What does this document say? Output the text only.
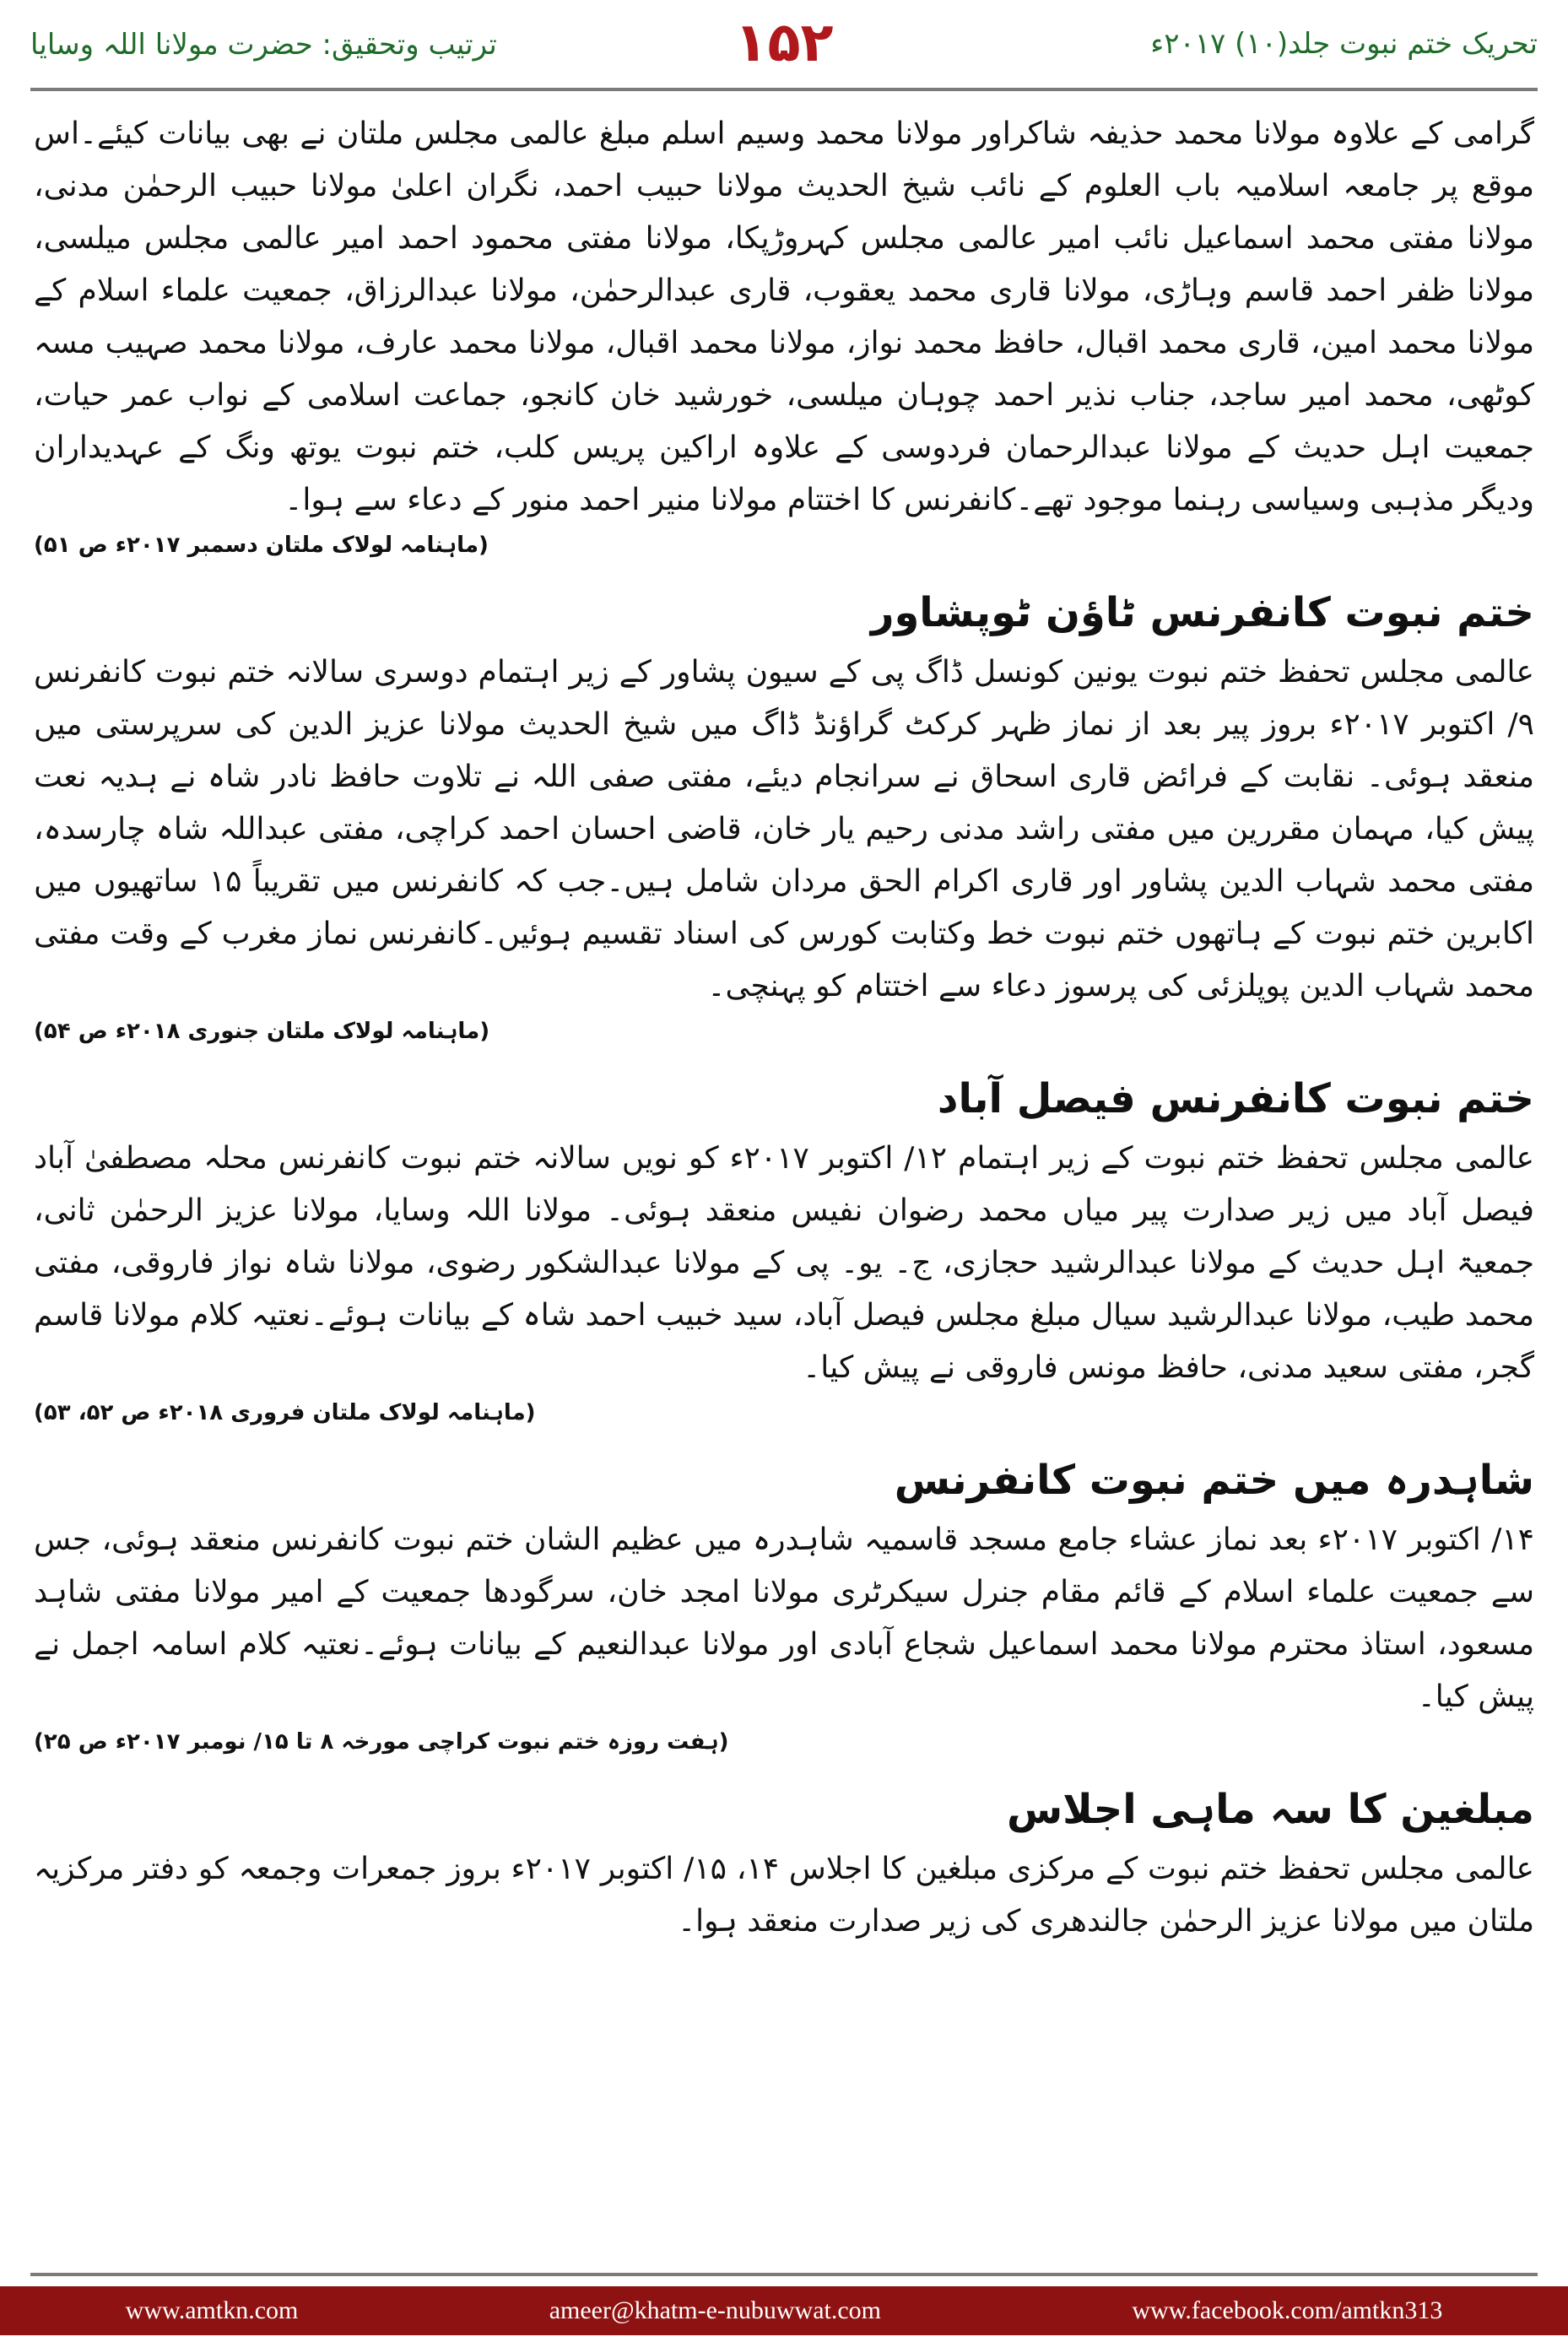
ترتیب وتحقیق: حضرت مولانا اللہ وسایا	۱۵۲	تحریک ختم نبوت جلد(۱۰) ۲۰۱۷ء

گرامی کے علاوہ مولانا محمد حذیفہ شاکراور مولانا محمد وسیم اسلم مبلغ عالمی مجلس ملتان نے بھی بیانات کیئے۔اس موقع پر جامعہ اسلامیہ باب العلوم کے نائب شیخ الحدیث مولانا حبیب احمد، نگران اعلیٰ مولانا حبیب الرحمٰن مدنی، مولانا مفتی محمد اسماعیل نائب امیر عالمی مجلس کہروڑپکا، مولانا مفتی محمود احمد امیر عالمی مجلس میلسی، مولانا ظفر احمد قاسم وہاڑی، مولانا قاری محمد یعقوب، قاری عبدالرحمٰن، مولانا عبدالرزاق، جمعیت علماء اسلام کے مولانا محمد امین، قاری محمد اقبال، حافظ محمد نواز، مولانا محمد اقبال، مولانا محمد عارف، مولانا محمد صہیب مسہ کوٹھی، محمد امیر ساجد، جناب نذیر احمد چوہان میلسی، خورشید خان کانجو، جماعت اسلامی کے نواب عمر حیات، جمعیت اہل حدیث کے مولانا عبدالرحمان فردوسی کے علاوہ اراکین پریس کلب، ختم نبوت یوتھ ونگ کے عہدیداران ودیگر مذہبی وسیاسی رہنما موجود تھے۔کانفرنس کا اختتام مولانا منیر احمد منور کے دعاء سے ہوا۔

(ماہنامہ لولاک ملتان دسمبر ۲۰۱۷ء ص ۵۱)

ختم نبوت کانفرنس ٹاؤن ٹوپشاور

عالمی مجلس تحفظ ختم نبوت یونین کونسل ڈاگ پی کے سیون پشاور کے زیر اہتمام دوسری سالانہ ختم نبوت کانفرنس ۹/ اکتوبر ۲۰۱۷ء بروز پیر بعد از نماز ظہر کرکٹ گراؤنڈ ڈاگ میں شیخ الحدیث مولانا عزیز الدین کی سرپرستی میں منعقد ہوئی۔ نقابت کے فرائض قاری اسحاق نے سرانجام دیئے، مفتی صفی اللہ نے تلاوت حافظ نادر شاہ نے ہدیہ نعت پیش کیا، مہمان مقررین میں مفتی راشد مدنی رحیم یار خان، قاضی احسان احمد کراچی، مفتی عبداللہ شاہ چارسدہ، مفتی محمد شہاب الدین پشاور اور قاری اکرام الحق مردان شامل ہیں۔جب کہ کانفرنس میں تقریباً ۱۵ ساتھیوں میں اکابرین ختم نبوت کے ہاتھوں ختم نبوت خط وکتابت کورس کی اسناد تقسیم ہوئیں۔کانفرنس نماز مغرب کے وقت مفتی محمد شہاب الدین پوپلزئی کی پرسوز دعاء سے اختتام کو پہنچی۔

(ماہنامہ لولاک ملتان جنوری ۲۰۱۸ء ص ۵۴)

ختم نبوت کانفرنس فیصل آباد

عالمی مجلس تحفظ ختم نبوت کے زیر اہتمام ۱۲/ اکتوبر ۲۰۱۷ء کو نویں سالانہ ختم نبوت کانفرنس محلہ مصطفیٰ آباد فیصل آباد میں زیر صدارت پیر میاں محمد رضوان نفیس منعقد ہوئی۔ مولانا اللہ وسایا، مولانا عزیز الرحمٰن ثانی، جمعیۃ اہل حدیث کے مولانا عبدالرشید حجازی، ج۔ یو۔ پی کے مولانا عبدالشکور رضوی، مولانا شاہ نواز فاروقی، مفتی محمد طیب، مولانا عبدالرشید سیال مبلغ مجلس فیصل آباد، سید خبیب احمد شاہ کے بیانات ہوئے۔نعتیہ کلام مولانا قاسم گجر، مفتی سعید مدنی، حافظ مونس فاروقی نے پیش کیا۔

(ماہنامہ لولاک ملتان فروری ۲۰۱۸ء ص ۵۲، ۵۳)

شاہدرہ میں ختم نبوت کانفرنس

۱۴/ اکتوبر ۲۰۱۷ء بعد نماز عشاء جامع مسجد قاسمیہ شاہدرہ میں عظیم الشان ختم نبوت کانفرنس منعقد ہوئی، جس سے جمعیت علماء اسلام کے قائم مقام جنرل سیکرٹری مولانا امجد خان، سرگودھا جمعیت کے امیر مولانا مفتی شاہد مسعود، استاذ محترم مولانا محمد اسماعیل شجاع آبادی اور مولانا عبدالنعیم کے بیانات ہوئے۔نعتیہ کلام اسامہ اجمل نے پیش کیا۔

(ہفت روزہ ختم نبوت کراچی مورخہ ۸ تا ۱۵/ نومبر ۲۰۱۷ء ص ۲۵)

مبلغین کا سہ ماہی اجلاس

عالمی مجلس تحفظ ختم نبوت کے مرکزی مبلغین کا اجلاس ۱۴، ۱۵/ اکتوبر ۲۰۱۷ء بروز جمعرات وجمعہ کو دفتر مرکزیہ ملتان میں مولانا عزیز الرحمٰن جالندھری کی زیر صدارت منعقد ہوا۔

www.amtkn.com	ameer@khatm-e-nubuwwat.com	www.facebook.com/amtkn313
